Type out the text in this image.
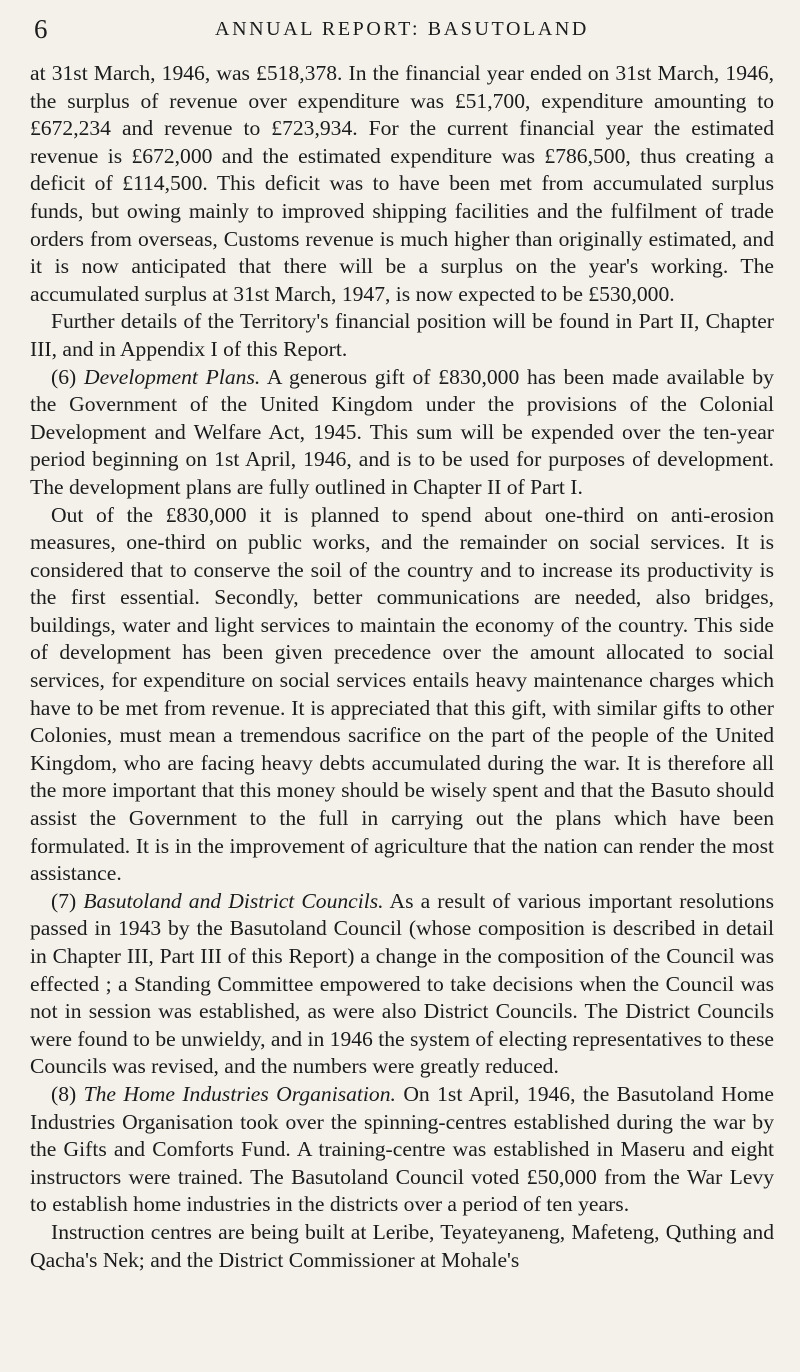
6	ANNUAL REPORT: BASUTOLAND

at 31st March, 1946, was £518,378. In the financial year ended on 31st March, 1946, the surplus of revenue over expenditure was £51,700, expenditure amounting to £672,234 and revenue to £723,934. For the current financial year the estimated revenue is £672,000 and the estimated expenditure was £786,500, thus creating a deficit of £114,500. This deficit was to have been met from accumulated surplus funds, but owing mainly to improved shipping facilities and the fulfilment of trade orders from overseas, Customs revenue is much higher than originally estimated, and it is now anticipated that there will be a surplus on the year's working. The accumulated surplus at 31st March, 1947, is now expected to be £530,000.

Further details of the Territory's financial position will be found in Part II, Chapter III, and in Appendix I of this Report.

(6) Development Plans. A generous gift of £830,000 has been made available by the Government of the United Kingdom under the provisions of the Colonial Development and Welfare Act, 1945. This sum will be expended over the ten-year period beginning on 1st April, 1946, and is to be used for purposes of development. The development plans are fully outlined in Chapter II of Part I.

Out of the £830,000 it is planned to spend about one-third on anti-erosion measures, one-third on public works, and the remainder on social services. It is considered that to conserve the soil of the country and to increase its productivity is the first essential. Secondly, better communications are needed, also bridges, buildings, water and light services to maintain the economy of the country. This side of development has been given precedence over the amount allocated to social services, for expenditure on social services entails heavy maintenance charges which have to be met from revenue. It is appreciated that this gift, with similar gifts to other Colonies, must mean a tremendous sacrifice on the part of the people of the United Kingdom, who are facing heavy debts accumulated during the war. It is therefore all the more important that this money should be wisely spent and that the Basuto should assist the Government to the full in carrying out the plans which have been formulated. It is in the improvement of agriculture that the nation can render the most assistance.

(7) Basutoland and District Councils. As a result of various important resolutions passed in 1943 by the Basutoland Council (whose composition is described in detail in Chapter III, Part III of this Report) a change in the composition of the Council was effected ; a Standing Committee empowered to take decisions when the Council was not in session was established, as were also District Councils. The District Councils were found to be unwieldy, and in 1946 the system of electing representatives to these Councils was revised, and the numbers were greatly reduced.

(8) The Home Industries Organisation. On 1st April, 1946, the Basutoland Home Industries Organisation took over the spinning-centres established during the war by the Gifts and Comforts Fund. A training-centre was established in Maseru and eight instructors were trained. The Basutoland Council voted £50,000 from the War Levy to establish home industries in the districts over a period of ten years.

Instruction centres are being built at Leribe, Teyateyaneng, Mafeteng, Quthing and Qacha's Nek; and the District Commissioner at Mohale's
